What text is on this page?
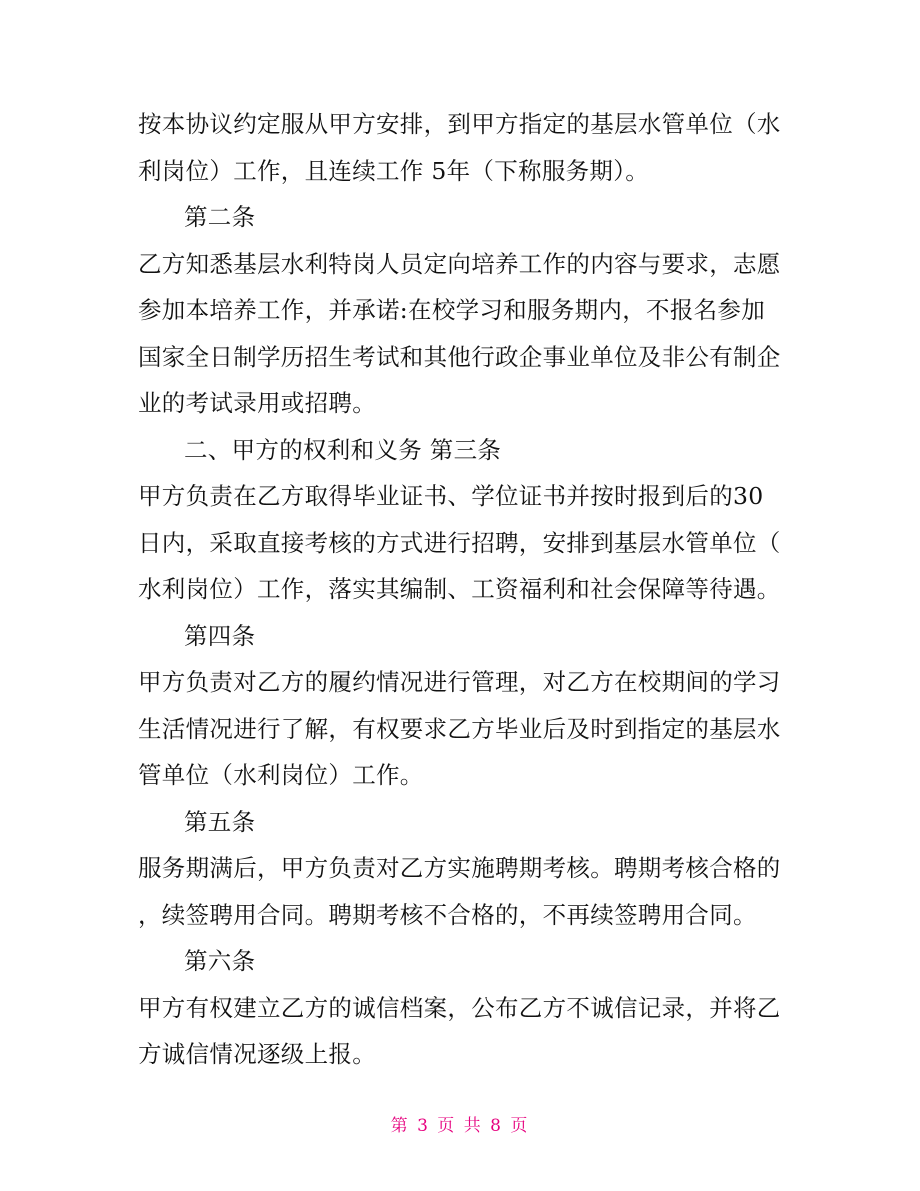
按本协议约定服从甲方安排，到甲方指定的基层水管单位（水
利岗位）工作，且连续工作 5年（下称服务期）。
第二条
乙方知悉基层水利特岗人员定向培养工作的内容与要求，志愿
参加本培养工作，并承诺:在校学习和服务期内，不报名参加
国家全日制学历招生考试和其他行政企事业单位及非公有制企
业的考试录用或招聘。
二、甲方的权利和义务 第三条
甲方负责在乙方取得毕业证书、学位证书并按时报到后的30
日内，采取直接考核的方式进行招聘，安排到基层水管单位（
水利岗位）工作，落实其编制、工资福利和社会保障等待遇。
第四条
甲方负责对乙方的履约情况进行管理，对乙方在校期间的学习
生活情况进行了解，有权要求乙方毕业后及时到指定的基层水
管单位（水利岗位）工作。
第五条
服务期满后，甲方负责对乙方实施聘期考核。聘期考核合格的
，续签聘用合同。聘期考核不合格的，不再续签聘用合同。
第六条
甲方有权建立乙方的诚信档案，公布乙方不诚信记录，并将乙
方诚信情况逐级上报。
第 3 页 共 8 页
